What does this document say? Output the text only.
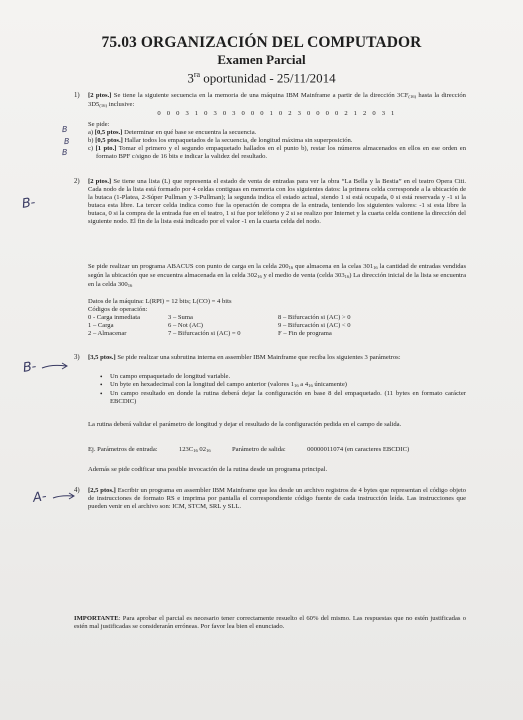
75.03 ORGANIZACIÓN DEL COMPUTADOR
Examen Parcial
$3^{ra}$ oportunidad - 25/11/2014
1) [2 ptos.] Se tiene la siguiente secuencia en la memoria de una máquina IBM Mainframe a partir de la dirección $3CF_{(16)}$ hasta la dirección $3D5_{(16)}$ inclusive:
0 0 0 3 1 0 3 0 3 0 0 0 1 0 2 3 0 0 0 0 2 1 2 0 3 1
Se pide:
a) [0,5 ptos.] Determinar en qué base se encuentra la secuencia.
b) [0,5 ptos.] Hallar todos los empaquetados de la secuencia, de longitud máxima sin superposición.
c) [1 pto.] Tomar el primero y el segundo empaquetado hallados en el punto b), restar los números almacenados en ellos en ese orden en formato BPF c/signo de 16 bits e indicar la validez del resultado.
2) [2 ptos.] Se tiene una lista (L) que representa el estado de venta de entradas para ver la obra “La Bella y la Bestia” en el teatro Opera Citi. Cada nodo de la lista está formado por 4 celdas contiguas en memoria con los siguientes datos: la primera celda corresponde a la ubicación de la butaca (1-Platea, 2-Súper Pullman y 3-Pullman); la segunda indica el estado actual, siendo 1 si está ocupada, 0 si está reservada y -1 si la butaca esta libre. La tercer celda indica como fue la operación de compra de la entrada, teniendo los siguientes valores: -1 si esta libre la butaca, 0 si la compra de la entrada fue en el teatro, 1 si fue por teléfono y 2 si se realizo por Internet y la cuarta celda contiene la dirección del siguiente nodo. El fin de la lista está indicado por el valor -1 en la cuarta celda del nodo.
Se pide realizar un programa ABACUS con punto de carga en la celda $200_{16}$ que almacena en la celas $301_{16}$ la cantidad de entradas vendidas según la ubicación que se encuentra almacenada en la celda $302_{16}$ y el medio de venta (celda $303_{16}$) La dirección inicial de la lista se encuentra en la celda $300_{16}$
Datos de la máquina: L(RPI) = 12 bits; L(CO) = 4 bits
Códigos de operación:
0 - Carga inmediata	3 – Suma	8 – Bifurcación si (AC) > 0
1 – Carga	6 – Not (AC)	9 – Bifurcación si (AC) < 0
2 – Almacenar	7 – Bifurcación si (AC) = 0	F – Fin de programa
3) [3,5 ptos.] Se pide realizar una subrutina interna en assembler IBM Mainframe que reciba los siguientes 3 parámetros:
• Un campo empaquetado de longitud variable.
• Un byte en hexadecimal con la longitud del campo anterior (valores $1_{16}$ a $4_{16}$ únicamente)
• Un campo resultado en donde la rutina deberá dejar la configuración en base 8 del empaquetado. (11 bytes en formato carácter EBCDIC)
La rutina deberá validar el parámetro de longitud y dejar el resultado de la configuración pedida en el campo de salida.
Ej. Parámetros de entrada:	$123C_{16}$ $02_{16}$	Parámetro de salida:	00000011074 (en caracteres EBCDIC)
Además se pide codificar una posible invocación de la rutina desde un programa principal.
4) [2,5 ptos.] Escribir un programa en assembler IBM Mainframe que lea desde un archivo registros de 4 bytes que representan el código objeto de instrucciones de formato RS e imprima por pantalla el correspondiente código fuente de cada instrucción leída. Las instrucciones que pueden venir en el archivo son: ICM, STCM, SRL y SLL.
IMPORTANTE: Para aprobar el parcial es necesario tener correctamente resuelto el 60% del mismo. Las respuestas que no estén justificadas o estén mal justificadas se considerarán erróneas. Por favor lea bien el enunciado.
B
B
B
B-
B-
A-
